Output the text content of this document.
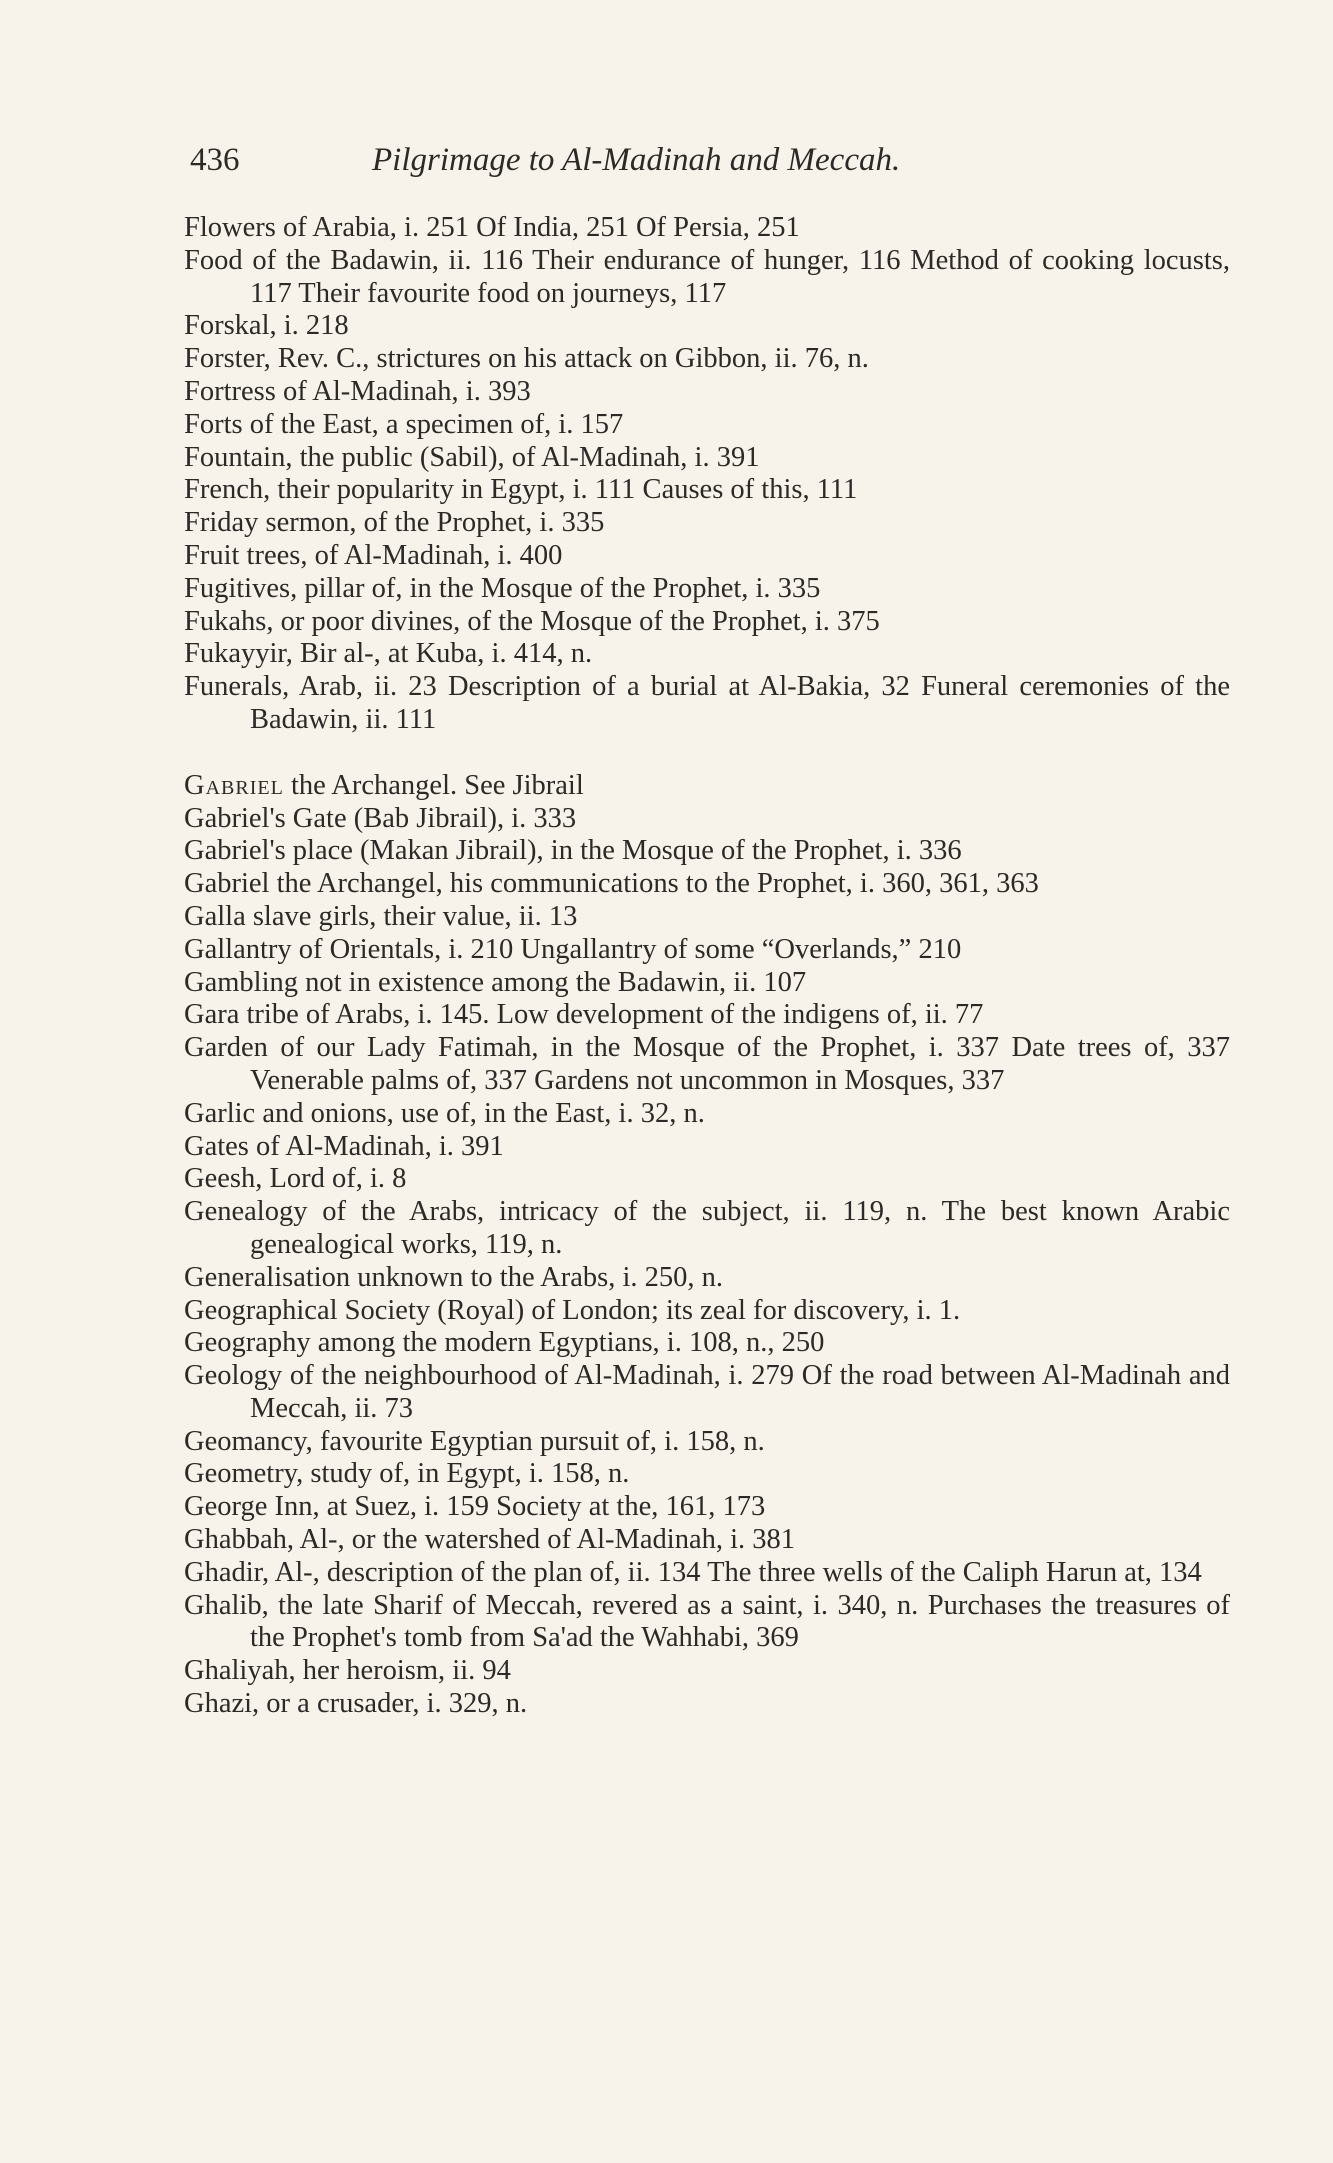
436	Pilgrimage to Al-Madinah and Meccah.

Flowers of Arabia, i. 251 Of India, 251 Of Persia, 251

Food of the Badawin, ii. 116 Their endurance of hunger, 116 Method of cooking locusts, 117 Their favourite food on journeys, 117

Forskal, i. 218

Forster, Rev. C., strictures on his attack on Gibbon, ii. 76, n.

Fortress of Al-Madinah, i. 393

Forts of the East, a specimen of, i. 157

Fountain, the public (Sabil), of Al-Madinah, i. 391

French, their popularity in Egypt, i. 111 Causes of this, 111

Friday sermon, of the Prophet, i. 335

Fruit trees, of Al-Madinah, i. 400

Fugitives, pillar of, in the Mosque of the Prophet, i. 335

Fukahs, or poor divines, of the Mosque of the Prophet, i. 375

Fukayyir, Bir al-, at Kuba, i. 414, n.

Funerals, Arab, ii. 23 Description of a burial at Al-Bakia, 32 Funeral ceremonies of the Badawin, ii. 111

Gabriel the Archangel. See Jibrail

Gabriel's Gate (Bab Jibrail), i. 333

Gabriel's place (Makan Jibrail), in the Mosque of the Prophet, i. 336

Gabriel the Archangel, his communications to the Prophet, i. 360, 361, 363

Galla slave girls, their value, ii. 13

Gallantry of Orientals, i. 210 Ungallantry of some “Overlands,” 210

Gambling not in existence among the Badawin, ii. 107

Gara tribe of Arabs, i. 145. Low development of the indigens of, ii. 77

Garden of our Lady Fatimah, in the Mosque of the Prophet, i. 337 Date trees of, 337 Venerable palms of, 337 Gardens not uncommon in Mosques, 337

Garlic and onions, use of, in the East, i. 32, n.

Gates of Al-Madinah, i. 391

Geesh, Lord of, i. 8

Genealogy of the Arabs, intricacy of the subject, ii. 119, n. The best known Arabic genealogical works, 119, n.

Generalisation unknown to the Arabs, i. 250, n.

Geographical Society (Royal) of London; its zeal for discovery, i. 1.

Geography among the modern Egyptians, i. 108, n., 250

Geology of the neighbourhood of Al-Madinah, i. 279 Of the road between Al-Madinah and Meccah, ii. 73

Geomancy, favourite Egyptian pursuit of, i. 158, n.

Geometry, study of, in Egypt, i. 158, n.

George Inn, at Suez, i. 159 Society at the, 161, 173

Ghabbah, Al-, or the watershed of Al-Madinah, i. 381

Ghadir, Al-, description of the plan of, ii. 134 The three wells of the Caliph Harun at, 134

Ghalib, the late Sharif of Meccah, revered as a saint, i. 340, n. Purchases the treasures of the Prophet's tomb from Sa'ad the Wahhabi, 369

Ghaliyah, her heroism, ii. 94

Ghazi, or a crusader, i. 329, n.
